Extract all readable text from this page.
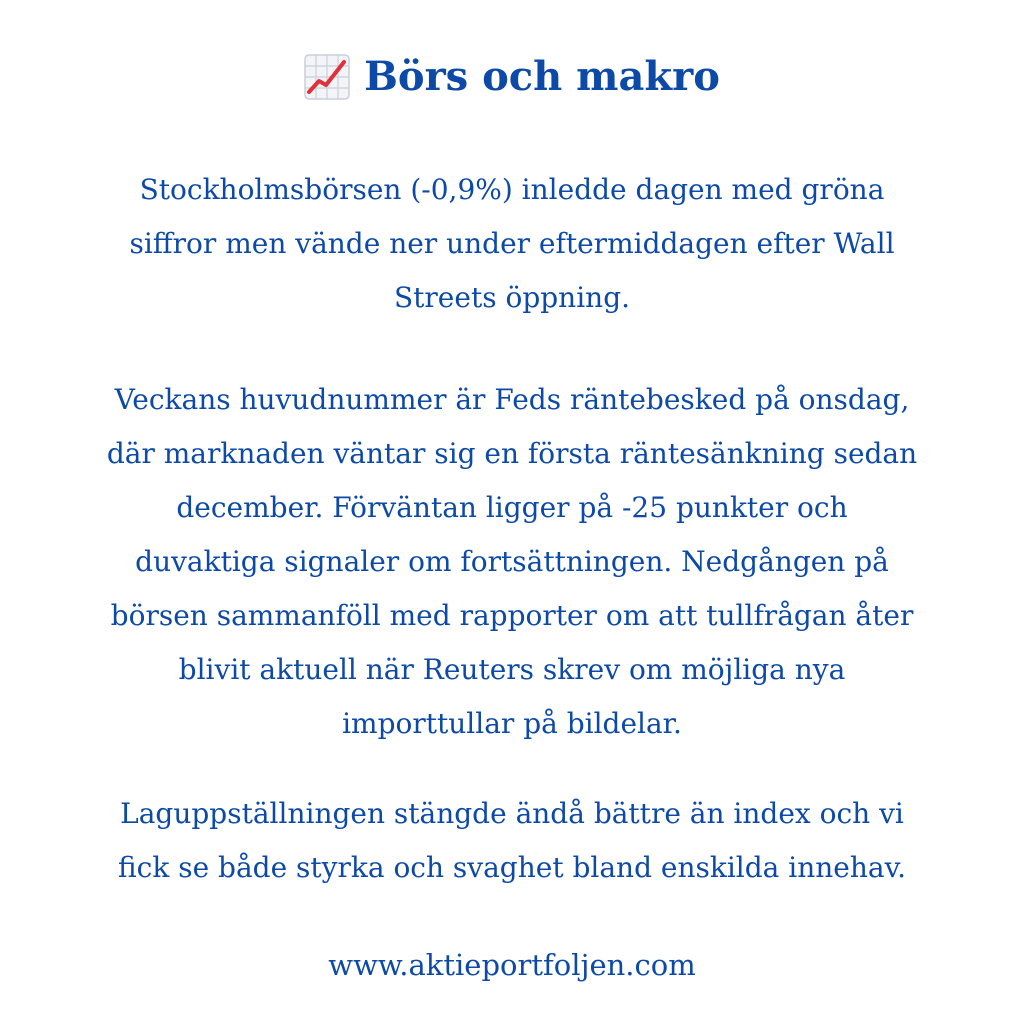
Börs och makro
Stockholmsbörsen (-0,9%) inledde dagen med gröna
siffror men vände ner under eftermiddagen efter Wall
Streets öppning.
Veckans huvudnummer är Feds räntebesked på onsdag,
där marknaden väntar sig en första räntesänkning sedan
december. Förväntan ligger på -25 punkter och
duvaktiga signaler om fortsättningen. Nedgången på
börsen sammanföll med rapporter om att tullfrågan åter
blivit aktuell när Reuters skrev om möjliga nya
importtullar på bildelar.
Laguppställningen stängde ändå bättre än index och vi
fick se både styrka och svaghet bland enskilda innehav.
www.aktieportfoljen.com
